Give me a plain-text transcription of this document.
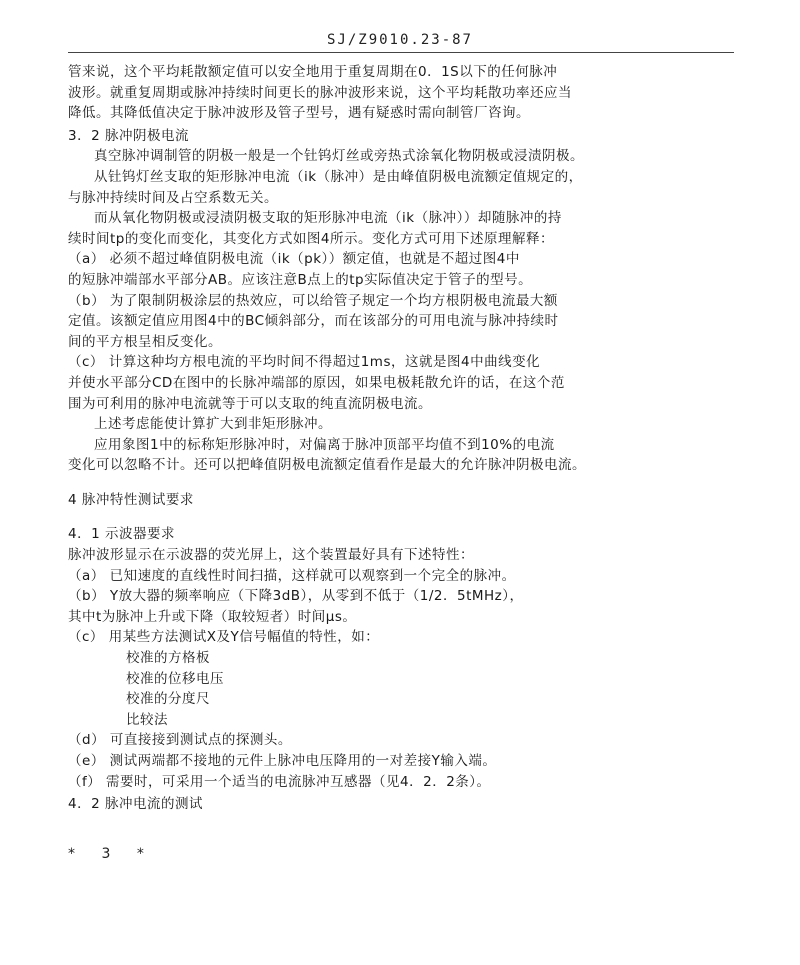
SJ/Z9010.23-87
管来说，这个平均耗散额定值可以安全地用于重复周期在0．1S以下的任何脉冲
波形。就重复周期或脉冲持续时间更长的脉冲波形来说，这个平均耗散功率还应当
降低。其降低值决定于脉冲波形及管子型号，遇有疑惑时需向制管厂咨询。
3．2 脉冲阴极电流
真空脉冲调制管的阴极一般是一个钍钨灯丝或旁热式涂氧化物阴极或浸渍阴极。
从钍钨灯丝支取的矩形脉冲电流（ik（脉冲）是由峰值阴极电流额定值规定的，
与脉冲持续时间及占空系数无关。
而从氧化物阴极或浸渍阴极支取的矩形脉冲电流（ik（脉冲））却随脉冲的持
续时间tp的变化而变化，其变化方式如图4所示。变化方式可用下述原理解释：
（a） 必须不超过峰值阴极电流（ik（pk））额定值，也就是不超过图4中
的短脉冲端部水平部分AB。应该注意B点上的tp实际值决定于管子的型号。
（b） 为了限制阴极涂层的热效应，可以给管子规定一个均方根阴极电流最大额
定值。该额定值应用图4中的BC倾斜部分，而在该部分的可用电流与脉冲持续时
间的平方根呈相反变化。
（c） 计算这种均方根电流的平均时间不得超过1ms，这就是图4中曲线变化
并使水平部分CD在图中的长脉冲端部的原因，如果电极耗散允许的话，在这个范
围为可利用的脉冲电流就等于可以支取的纯直流阴极电流。
上述考虑能使计算扩大到非矩形脉冲。
应用象图1中的标称矩形脉冲时，对偏离于脉冲顶部平均值不到10%的电流
变化可以忽略不计。还可以把峰值阴极电流额定值看作是最大的允许脉冲阴极电流。
4 脉冲特性测试要求
4．1 示波器要求
脉冲波形显示在示波器的荧光屏上，这个装置最好具有下述特性：
（a） 已知速度的直线性时间扫描，这样就可以观察到一个完全的脉冲。
（b） Y放大器的频率响应（下降3dB），从零到不低于（1/2．5tMHz），
其中t为脉冲上升或下降（取较短者）时间μs。
（c） 用某些方法测试X及Y信号幅值的特性，如：
校准的方格板
校准的位移电压
校准的分度尺
比较法
（d） 可直接接到测试点的探测头。
（e） 测试两端都不接地的元件上脉冲电压降用的一对差接Y输入端。
（f） 需要时，可采用一个适当的电流脉冲互感器（见4．2．2条）。
4．2 脉冲电流的测试
* 3 *
